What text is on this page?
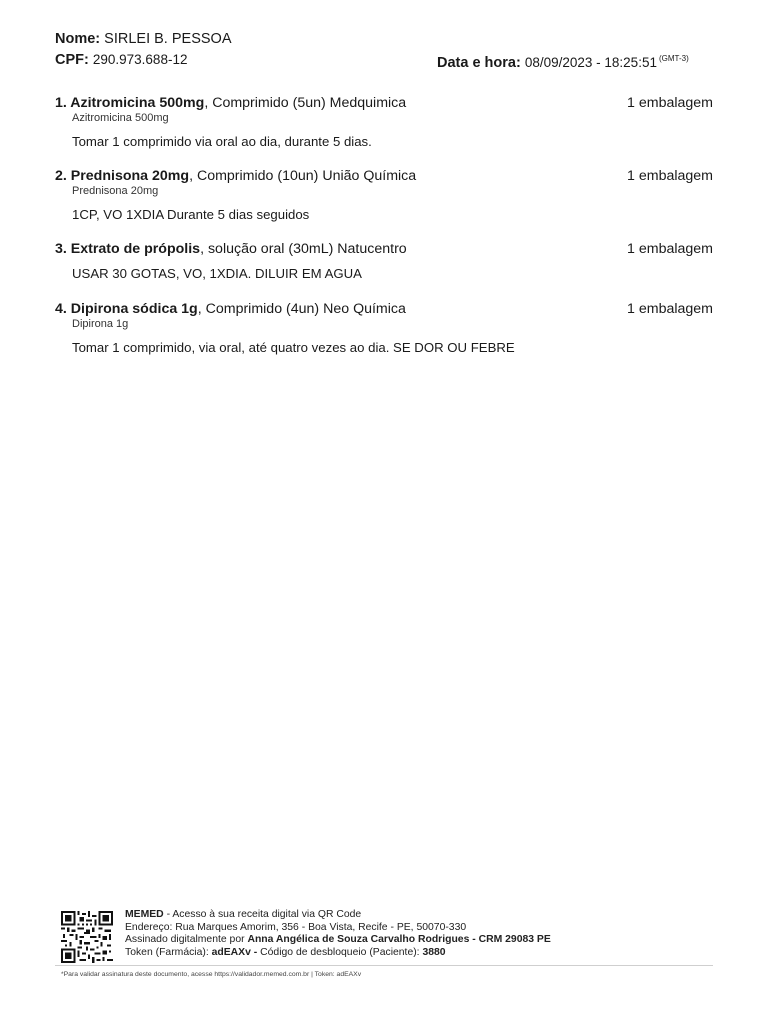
Nome: SIRLEI B. PESSOA
CPF: 290.973.688-12	Data e hora: 08/09/2023 - 18:25:51 $^{(GMT-3)}$
1. Azitromicina 500mg, Comprimido (5un) Medquimica	1 embalagem
Azitromicina 500mg
Tomar 1 comprimido via oral ao dia, durante 5 dias.
2. Prednisona 20mg, Comprimido (10un) União Química	1 embalagem
Prednisona 20mg
1CP, VO 1XDIA Durante 5 dias seguidos
3. Extrato de própolis, solução oral (30mL) Natucentro	1 embalagem
USAR 30 GOTAS, VO, 1XDIA. DILUIR EM AGUA
4. Dipirona sódica 1g, Comprimido (4un) Neo Química	1 embalagem
Dipirona 1g
Tomar 1 comprimido, via oral, até quatro vezes ao dia. SE DOR OU FEBRE
MEMED - Acesso à sua receita digital via QR Code
Endereço: Rua Marques Amorim, 356 - Boa Vista, Recife - PE, 50070-330
Assinado digitalmente por Anna Angélica de Souza Carvalho Rodrigues - CRM 29083 PE
Token (Farmácia): adEAXv - Código de desbloqueio (Paciente): 3880
*Para validar assinatura deste documento, acesse https://validador.memed.com.br | Token: adEAXv
